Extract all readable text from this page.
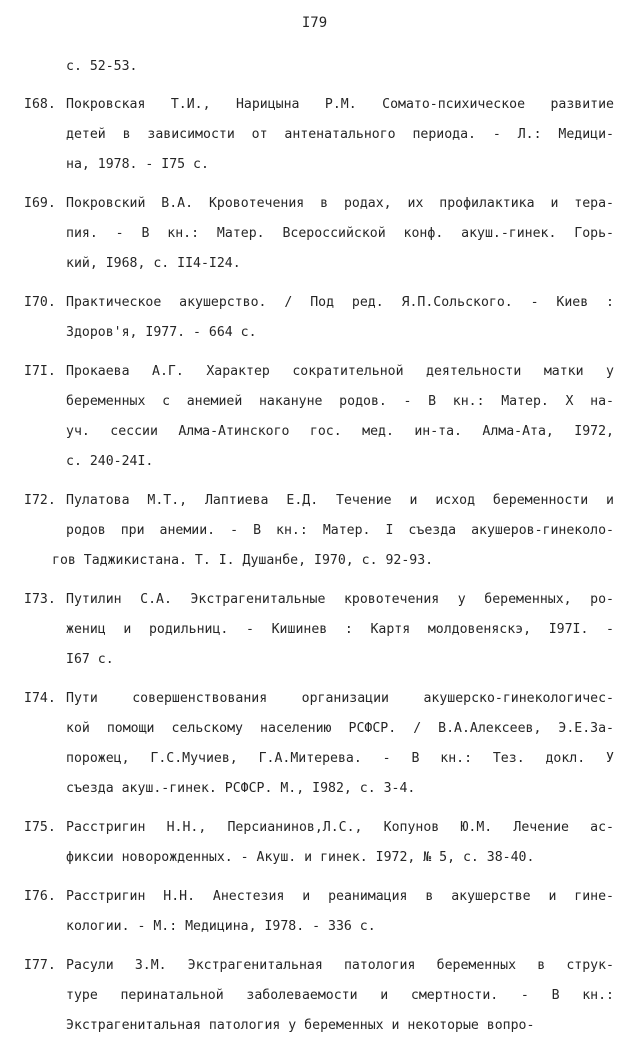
I79
с. 52-53.
I68. Покровская Т.И., Нарицына Р.М. Сомато-психическое развитие
детей в зависимости от антенатального периода. - Л.: Медици-
на, 1978. - I75 с.
I69. Покровский В.А. Кровотечения в родах, их профилактика и тера-
пия. - В кн.: Матер. Всероссийской конф. акуш.-гинек. Горь-
кий, I968, с. II4-I24.
I70. Практическое акушерство. / Под ред. Я.П.Сольского. - Киев :
Здоров'я, I977. - 664 с.
I7I. Прокаева А.Г. Характер сократительной деятельности матки у
беременных с анемией накануне родов. - В кн.: Матер. X на-
уч. сессии Алма-Атинского гос. мед. ин-та. Алма-Ата, I972,
с. 240-24I.
I72. Пулатова М.Т., Лаптиева Е.Д. Течение и исход беременности и
родов при анемии. - В кн.: Матер. I съезда акушеров-гинеколо-
гов Таджикистана. Т. I. Душанбе, I970, с. 92-93.
I73. Путилин С.А. Экстрагенитальные кровотечения у беременных, ро-
жениц и родильниц. - Кишинев : Картя молдовеняскэ, I97I. -
I67 с.
I74. Пути совершенствования организации акушерско-гинекологичес-
кой помощи сельскому населению РСФСР. / В.А.Алексеев, Э.Е.За-
порожец, Г.С.Мучиев, Г.А.Митерева. - В кн.: Тез. докл. У
съезда акуш.-гинек. РСФСР. М., I982, с. 3-4.
I75. Расстригин Н.Н., Персианинов,Л.С., Копунов Ю.М. Лечение ас-
фиксии новорожденных. - Акуш. и гинек. I972, № 5, с. 38-40.
I76. Расстригин Н.Н. Анестезия и реанимация в акушерстве и гине-
кологии. - М.: Медицина, I978. - 336 с.
I77. Расули З.М. Экстрагенитальная патология беременных в струк-
туре перинатальной заболеваемости и смертности. - В кн.:
Экстрагенитальная патология у беременных и некоторые вопро-
